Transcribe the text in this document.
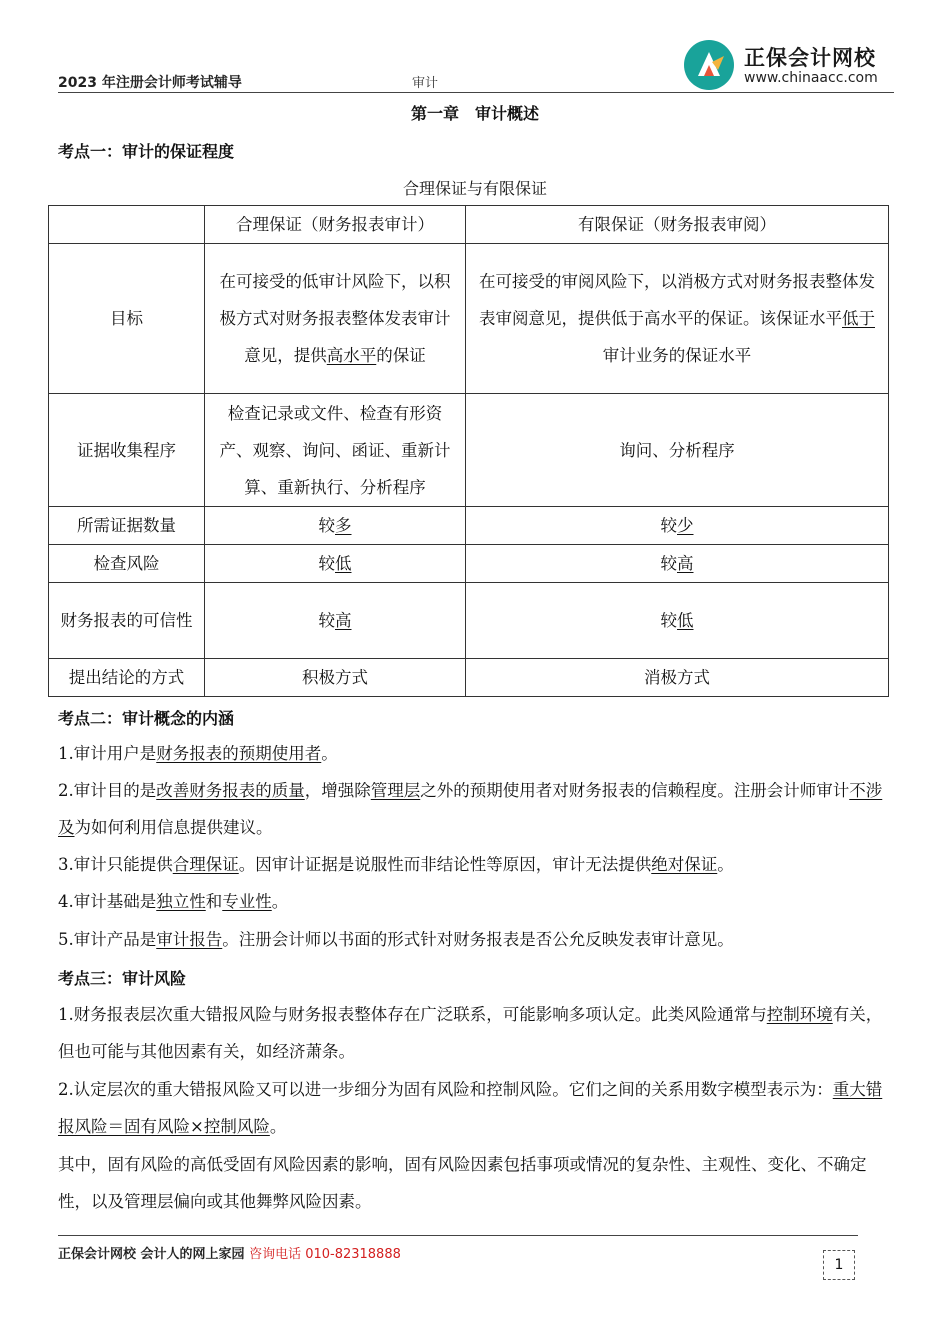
2023 年注册会计师考试辅导	审计
正保会计网校
www.chinaacc.com
第一章　审计概述
考点一：审计的保证程度
合理保证与有限保证
	合理保证（财务报表审计）	有限保证（财务报表审阅）
目标	在可接受的低审计风险下，以积极方式对财务报表整体发表审计意见，提供高水平的保证	在可接受的审阅风险下，以消极方式对财务报表整体发表审阅意见，提供低于高水平的保证。该保证水平低于审计业务的保证水平
证据收集程序	检查记录或文件、检查有形资产、观察、询问、函证、重新计算、重新执行、分析程序	询问、分析程序
所需证据数量	较多	较少
检查风险	较低	较高
财务报表的可信性	较高	较低
提出结论的方式	积极方式	消极方式
考点二：审计概念的内涵
1.审计用户是财务报表的预期使用者。
2.审计目的是改善财务报表的质量，增强除管理层之外的预期使用者对财务报表的信赖程度。注册会计师审计不涉及为如何利用信息提供建议。
3.审计只能提供合理保证。因审计证据是说服性而非结论性等原因，审计无法提供绝对保证。
4.审计基础是独立性和专业性。
5.审计产品是审计报告。注册会计师以书面的形式针对财务报表是否公允反映发表审计意见。
考点三：审计风险
1.财务报表层次重大错报风险与财务报表整体存在广泛联系，可能影响多项认定。此类风险通常与控制环境有关，但也可能与其他因素有关，如经济萧条。
2.认定层次的重大错报风险又可以进一步细分为固有风险和控制风险。它们之间的关系用数字模型表示为：重大错报风险＝固有风险×控制风险。
其中，固有风险的高低受固有风险因素的影响，固有风险因素包括事项或情况的复杂性、主观性、变化、不确定性，以及管理层偏向或其他舞弊风险因素。
正保会计网校 会计人的网上家园 咨询电话 010-82318888
1
